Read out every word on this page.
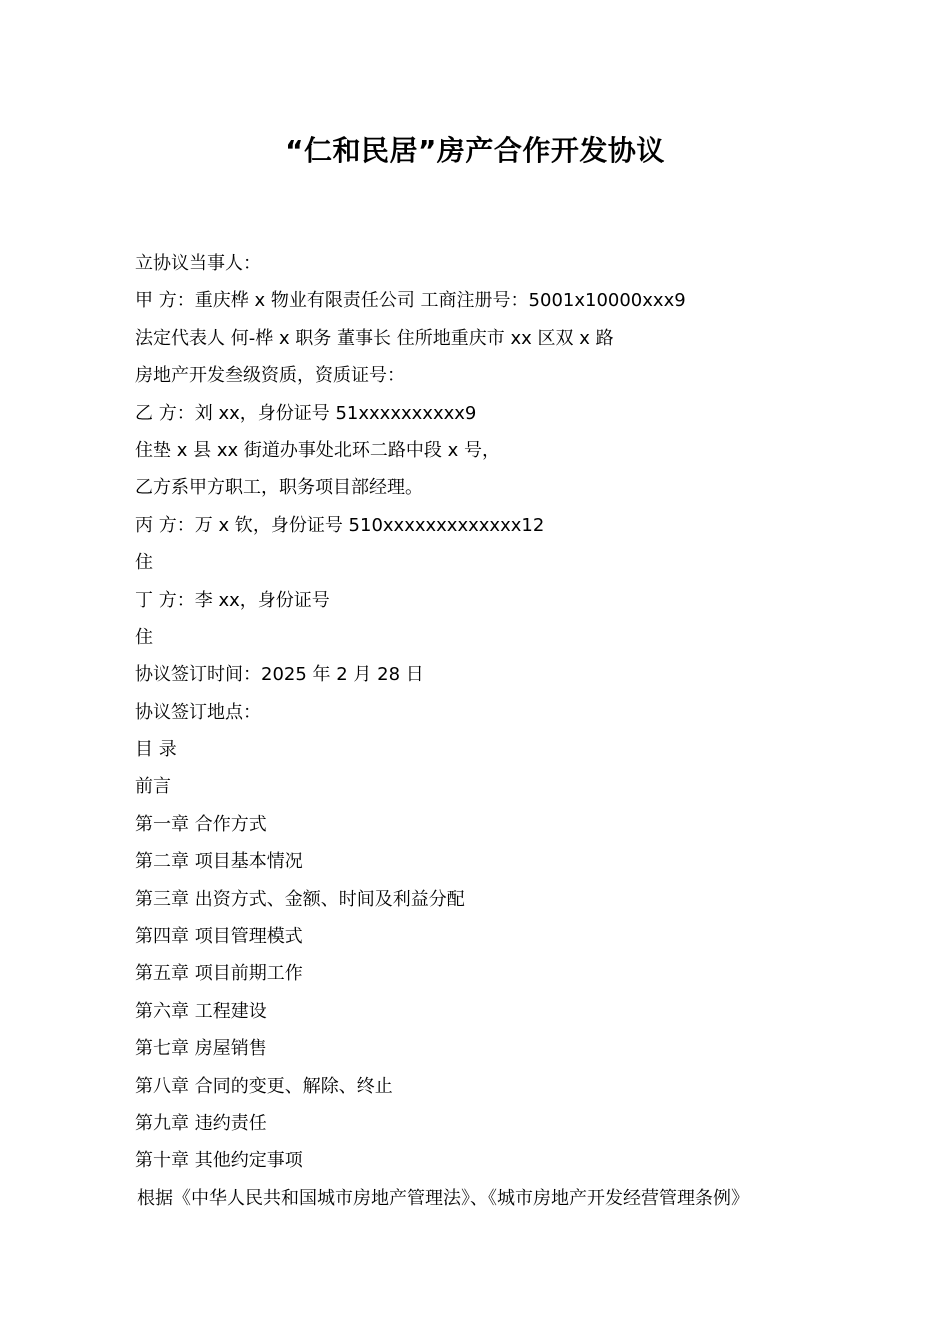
“仁和民居”房产合作开发协议
立协议当事人：
甲 方：重庆桦 x 物业有限责任公司 工商注册号：5001x10000xxx9
法定代表人 何-桦 x 职务 董事长 住所地重庆市 xx 区双 x 路
房地产开发叁级资质，资质证号：
乙 方：刘 xx，身份证号 51xxxxxxxxxx9
住垫 x 县 xx 街道办事处北环二路中段 x 号，
乙方系甲方职工，职务项目部经理。
丙 方：万 x 钦，身份证号 510xxxxxxxxxxxxx12
住
丁 方：李 xx，身份证号
住
协议签订时间：2025 年 2 月 28 日
协议签订地点：
目 录
前言
第一章 合作方式
第二章 项目基本情况
第三章 出资方式、金额、时间及利益分配
第四章 项目管理模式
第五章 项目前期工作
第六章 工程建设
第七章 房屋销售
第八章 合同的变更、解除、终止
第九章 违约责任
第十章 其他约定事项
根据《中华人民共和国城市房地产管理法》、《城市房地产开发经营管理条例》
